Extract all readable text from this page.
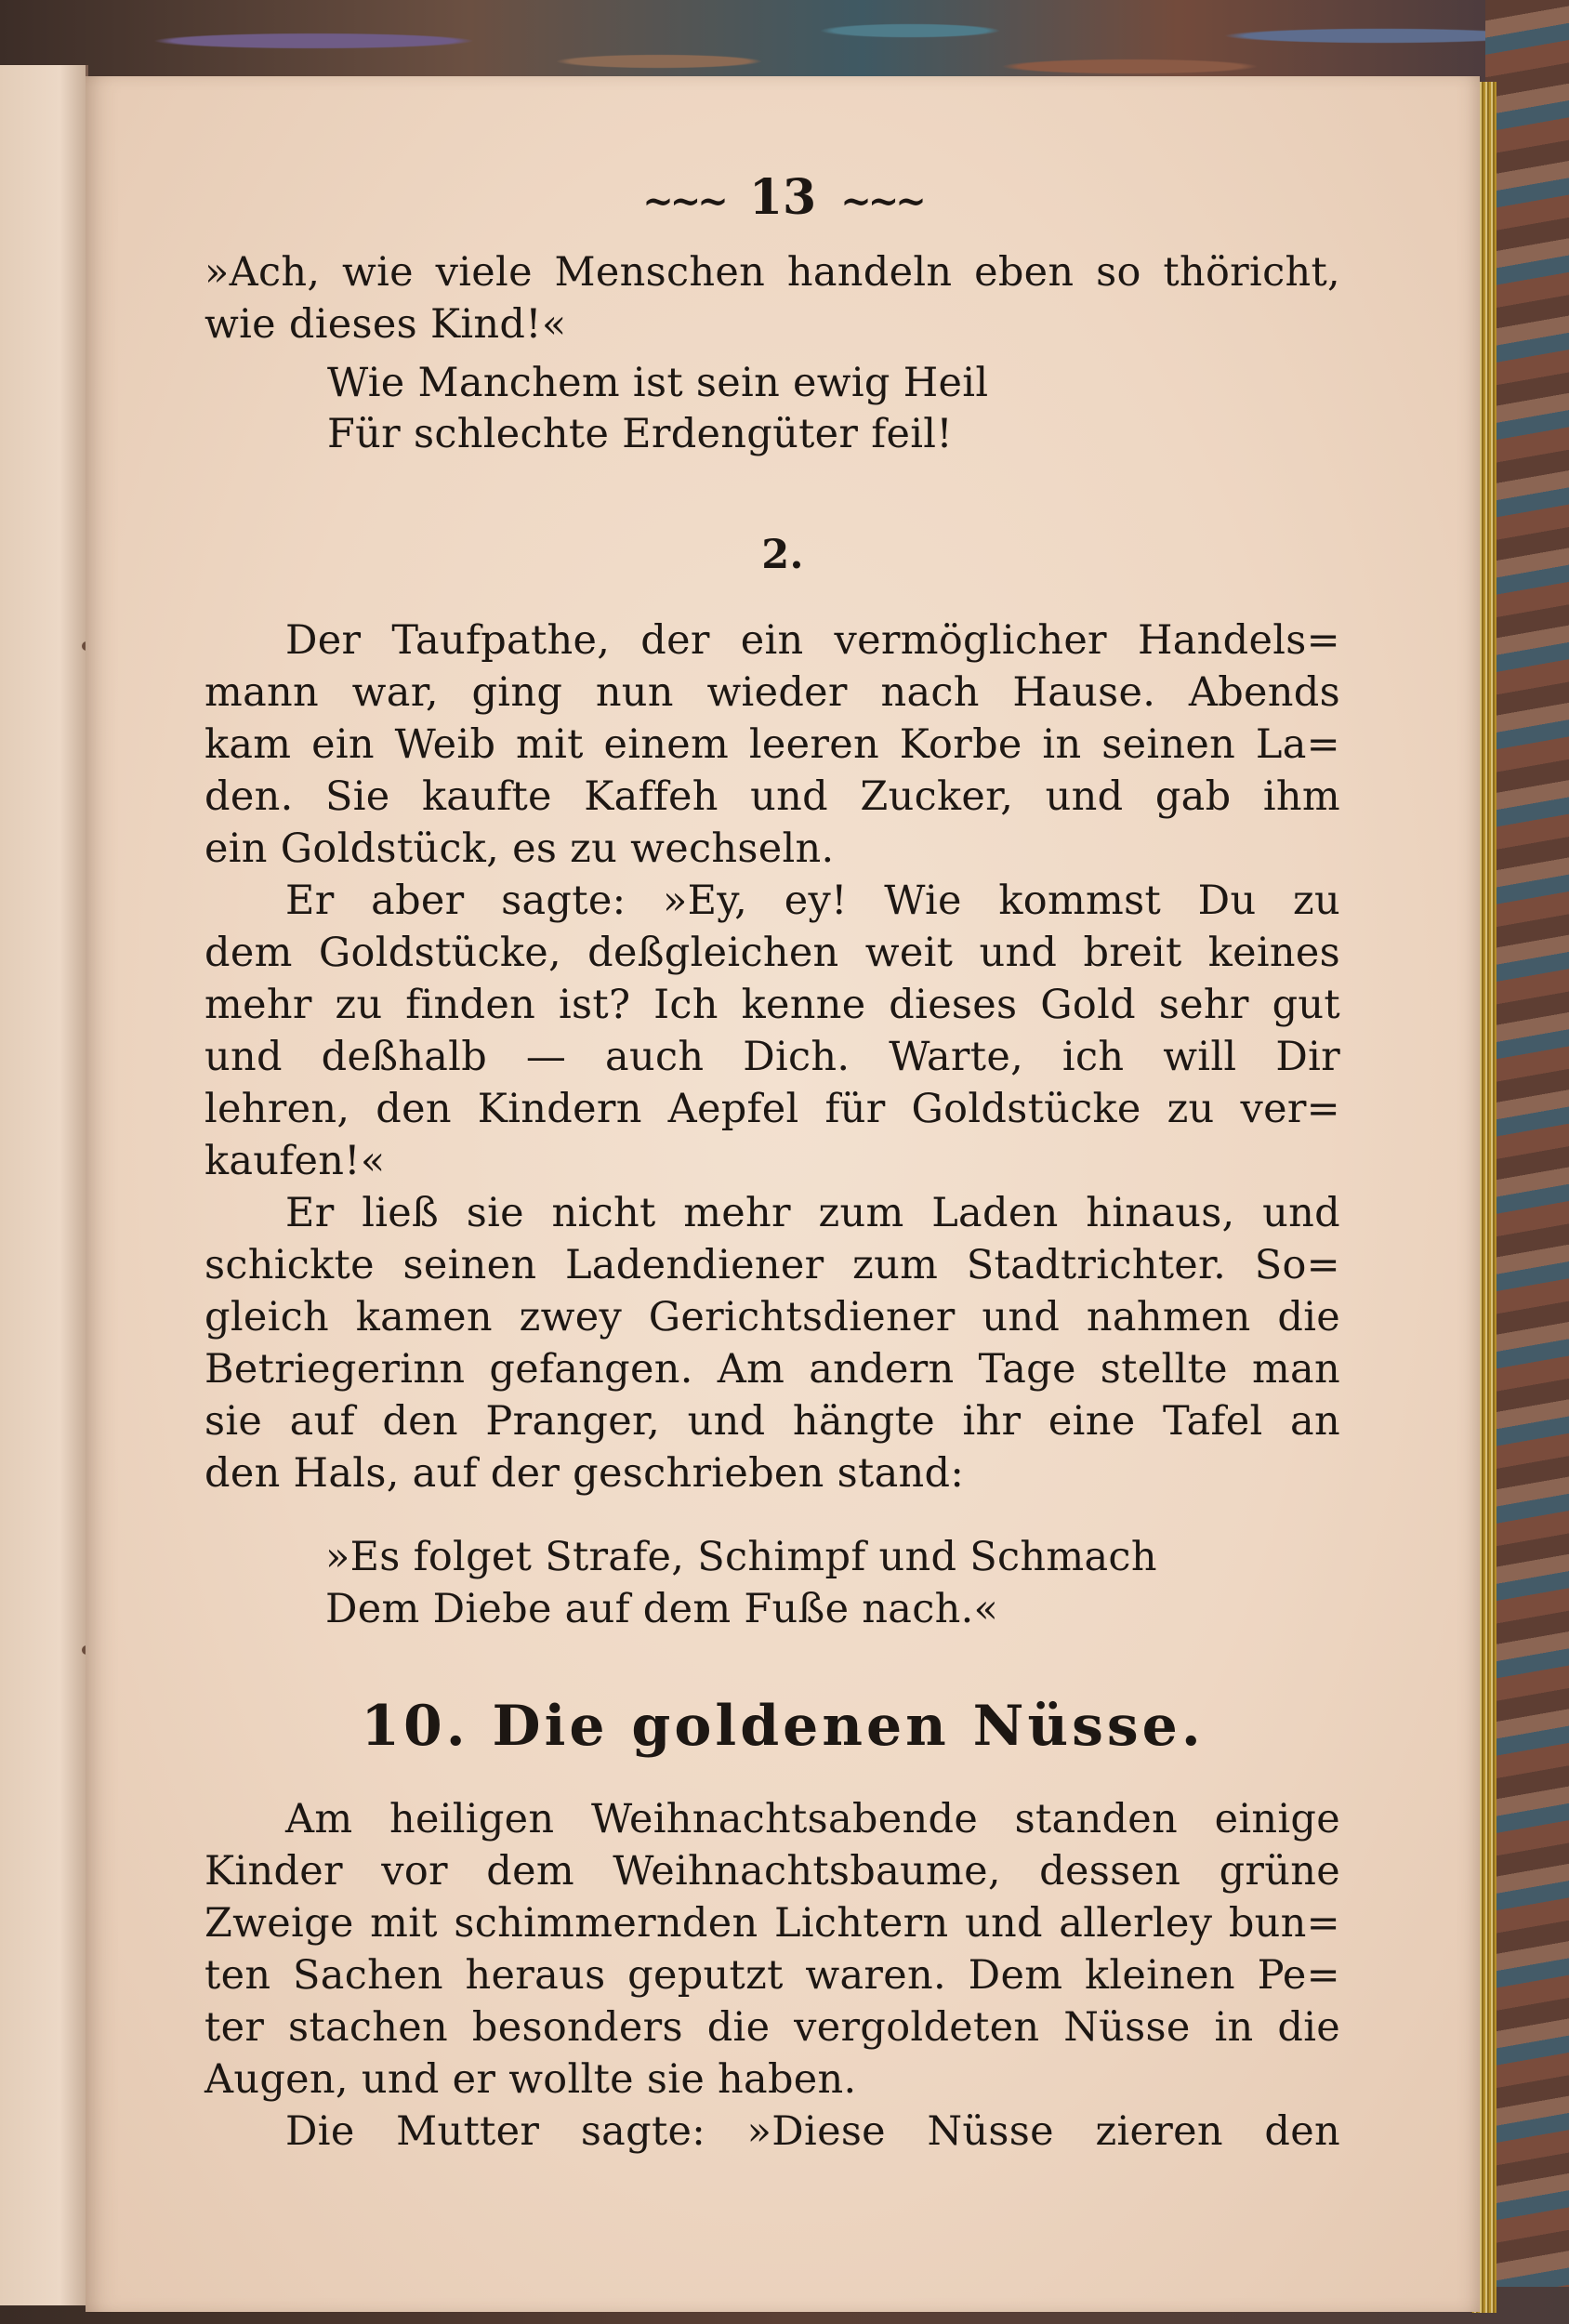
~~~ 13 ~~~
»Ach, wie viele Menschen handeln eben so thöricht,
wie dieses Kind!«
Wie Manchem ist sein ewig Heil
Für schlechte Erdengüter feil!
2.
Der Taufpathe, der ein vermöglicher Handels=
mann war, ging nun wieder nach Hause. Abends
kam ein Weib mit einem leeren Korbe in seinen La=
den. Sie kaufte Kaffeh und Zucker, und gab ihm
ein Goldstück, es zu wechseln.
Er aber sagte: »Ey, ey! Wie kommst Du zu
dem Goldstücke, deßgleichen weit und breit keines
mehr zu finden ist? Ich kenne dieses Gold sehr gut
und deßhalb — auch Dich. Warte, ich will Dir
lehren, den Kindern Aepfel für Goldstücke zu ver=
kaufen!«
Er ließ sie nicht mehr zum Laden hinaus, und
schickte seinen Ladendiener zum Stadtrichter. So=
gleich kamen zwey Gerichtsdiener und nahmen die
Betriegerinn gefangen. Am andern Tage stellte man
sie auf den Pranger, und hängte ihr eine Tafel an
den Hals, auf der geschrieben stand:
»Es folget Strafe, Schimpf und Schmach
Dem Diebe auf dem Fuße nach.«
10. Die goldenen Nüsse.
Am heiligen Weihnachtsabende standen einige
Kinder vor dem Weihnachtsbaume, dessen grüne
Zweige mit schimmernden Lichtern und allerley bun=
ten Sachen heraus geputzt waren. Dem kleinen Pe=
ter stachen besonders die vergoldeten Nüsse in die
Augen, und er wollte sie haben.
Die Mutter sagte: »Diese Nüsse zieren den
